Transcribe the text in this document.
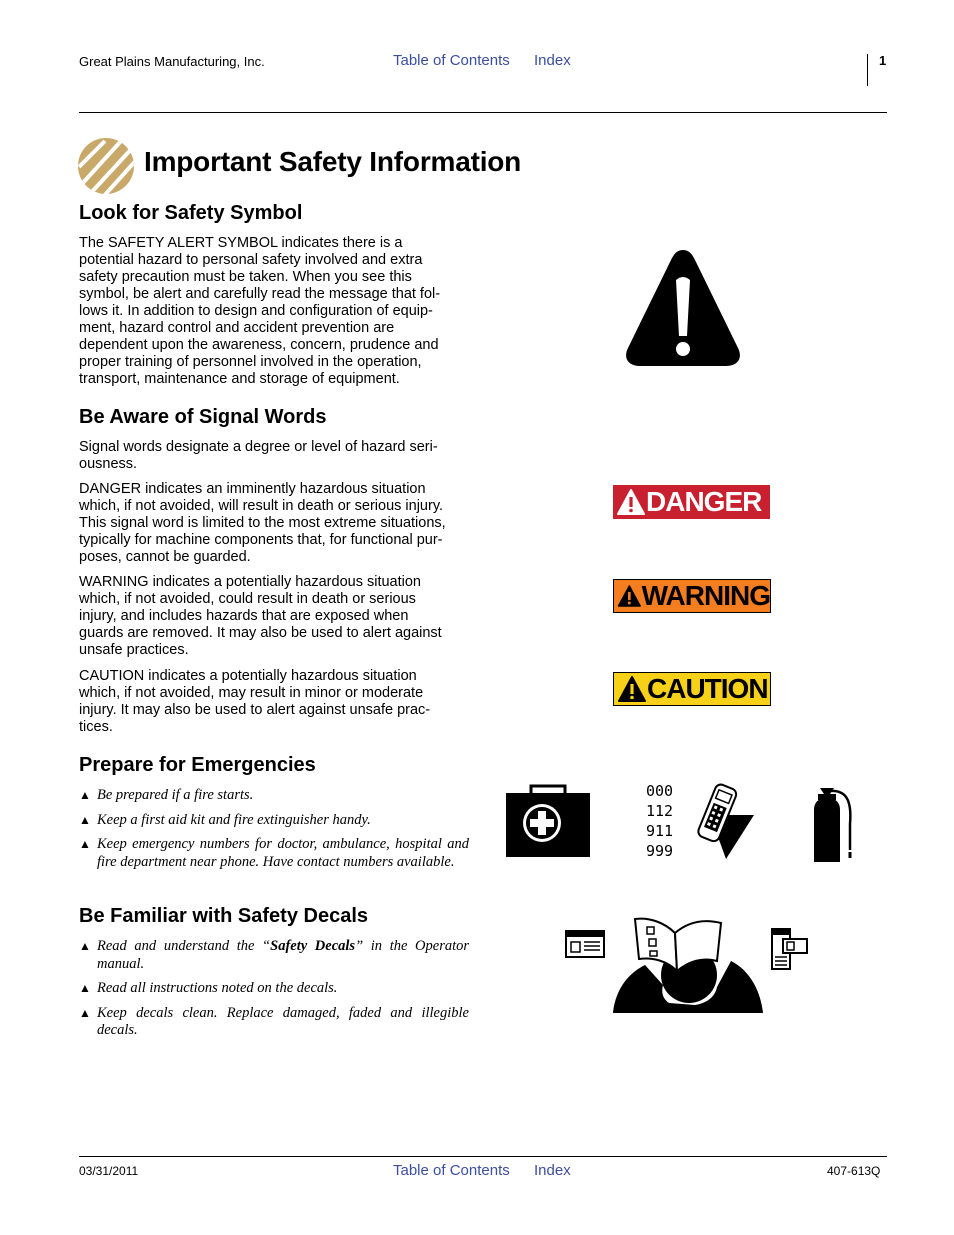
Great Plains Manufacturing, Inc.	Table of Contents Index	1
Important Safety Information
Look for Safety Symbol
The SAFETY ALERT SYMBOL indicates there is a
potential hazard to personal safety involved and extra
safety precaution must be taken. When you see this
symbol, be alert and carefully read the message that fol-
lows it. In addition to design and configuration of equip-
ment, hazard control and accident prevention are
dependent upon the awareness, concern, prudence and
proper training of personnel involved in the operation,
transport, maintenance and storage of equipment.
Be Aware of Signal Words
Signal words designate a degree or level of hazard seri-
ousness.
DANGER indicates an imminently hazardous situation
which, if not avoided, will result in death or serious injury.
This signal word is limited to the most extreme situations,
typically for machine components that, for functional pur-
poses, cannot be guarded.
WARNING indicates a potentially hazardous situation
which, if not avoided, could result in death or serious
injury, and includes hazards that are exposed when
guards are removed. It may also be used to alert against
unsafe practices.
CAUTION indicates a potentially hazardous situation
which, if not avoided, may result in minor or moderate
injury. It may also be used to alert against unsafe prac-
tices.
DANGER
WARNING
CAUTION
Prepare for Emergencies
▲ Be prepared if a fire starts.
▲ Keep a first aid kit and fire extinguisher handy.
▲ Keep emergency numbers for doctor, ambulance, hospital and fire department near phone. Have contact numbers available.
000
112
911
999
Be Familiar with Safety Decals
▲ Read and understand the “Safety Decals” in the Operator manual.
▲ Read all instructions noted on the decals.
▲ Keep decals clean. Replace damaged, faded and illegible decals.
03/31/2011	Table of Contents Index	407-613Q
